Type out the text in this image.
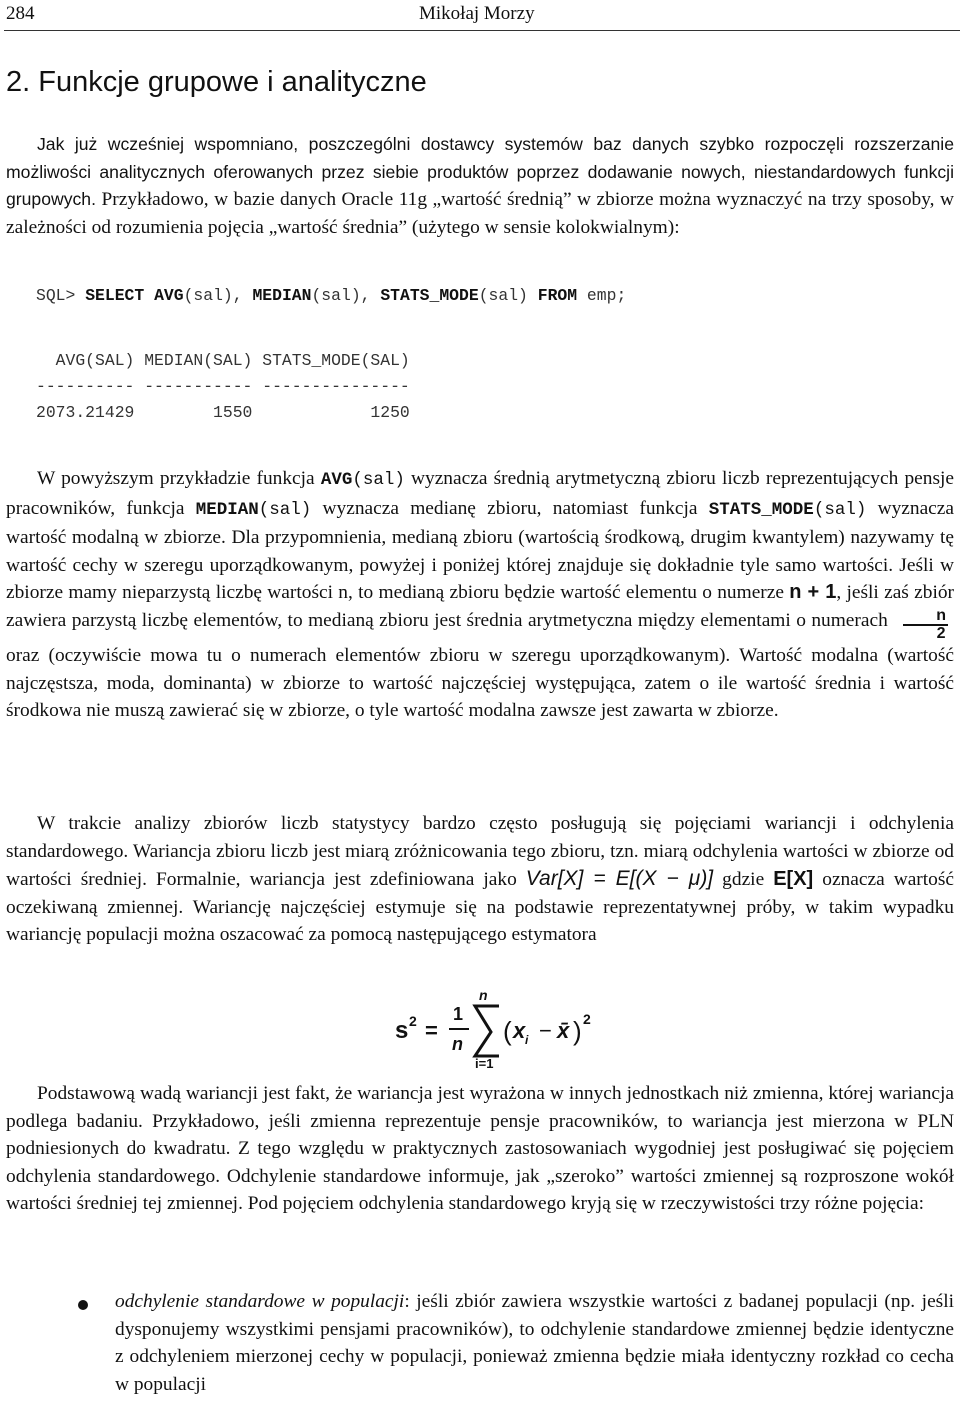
284	Mikołaj Morzy
2. Funkcje grupowe i analityczne

Jak już wcześniej wspomniano, poszczególni dostawcy systemów baz danych szybko rozpoczęli rozszerzanie możliwości analitycznych oferowanych przez siebie produktów poprzez dodawanie nowych, niestandardowych funkcji grupowych. Przykładowo, w bazie danych Oracle 11g „wartość średnią” w zbiorze można wyznaczyć na trzy sposoby, w zależności od rozumienia pojęcia „wartość średnia” (użytego w sensie kolokwialnym):

SQL> SELECT AVG(sal), MEDIAN(sal), STATS_MODE(sal) FROM emp;
AVG(SAL) MEDIAN(SAL) STATS_MODE(SAL)
---------- ----------- ---------------
2073.21429        1550            1250

W powyższym przykładzie funkcja AVG(sal) wyznacza średnią arytmetyczną zbioru liczb reprezentujących pensje pracowników, funkcja MEDIAN(sal) wyznacza medianę zbioru, natomiast funkcja STATS_MODE(sal) wyznacza wartość modalną w zbiorze. Dla przypomnienia, medianą zbioru (wartością środkową, drugim kwantylem) nazywamy tę wartość cechy w szeregu uporządkowanym, powyżej i poniżej której znajduje się dokładnie tyle samo wartości. Jeśli w zbiorze mamy nieparzystą liczbę wartości n, to medianą zbioru będzie wartość elementu o numerze n + 1, jeśli zaś zbiór zawiera parzystą liczbę elementów, to medianą zbioru jest średnia arytmetyczna między elementami o numerach $\frac{n}{2}$
oraz (oczywiście mowa tu o numerach elementów zbioru w szeregu uporządkowanym). Wartość modalna (wartość najczęstsza, moda, dominanta) w zbiorze to wartość najczęściej występująca, zatem o ile wartość średnia i wartość środkowa nie muszą zawierać się w zbiorze, o tyle wartość modalna zawsze jest zawarta w zbiorze.

W trakcie analizy zbiorów liczb statystycy bardzo często posługują się pojęciami wariancji i odchylenia standardowego. Wariancja zbioru liczb jest miarą zróżnicowania tego zbioru, tzn. miarą odchylenia wartości w zbiorze od wartości średniej. Formalnie, wariancja jest zdefiniowana jako Var[X] = E[(X − μ)] gdzie E[X] oznacza wartość oczekiwaną zmiennej. Wariancję najczęściej estymuje się na podstawie reprezentatywnej próby, w takim wypadku wariancję populacji można oszacować za pomocą następującego estymatora

s 2 =
1
n
n
i=1
( x i − x̄ ) 2

Podstawową wadą wariancji jest fakt, że wariancja jest wyrażona w innych jednostkach niż zmienna, której wariancja podlega badaniu. Przykładowo, jeśli zmienna reprezentuje pensje pracowników, to wariancja jest mierzona w PLN podniesionych do kwadratu. Z tego względu w praktycznych zastosowaniach wygodniej jest posługiwać się pojęciem odchylenia standardowego. Odchylenie standardowe informuje, jak „szeroko” wartości zmiennej są rozproszone wokół wartości średniej tej zmiennej. Pod pojęciem odchylenia standardowego kryją się w rzeczywistości trzy różne pojęcia:

odchylenie standardowe w populacji: jeśli zbiór zawiera wszystkie wartości z badanej populacji (np. jeśli dysponujemy wszystkimi pensjami pracowników), to odchylenie standardowe zmiennej będzie identyczne z odchyleniem mierzonej cechy w populacji, ponieważ zmienna będzie miała identyczny rozkład co cecha w populacji
